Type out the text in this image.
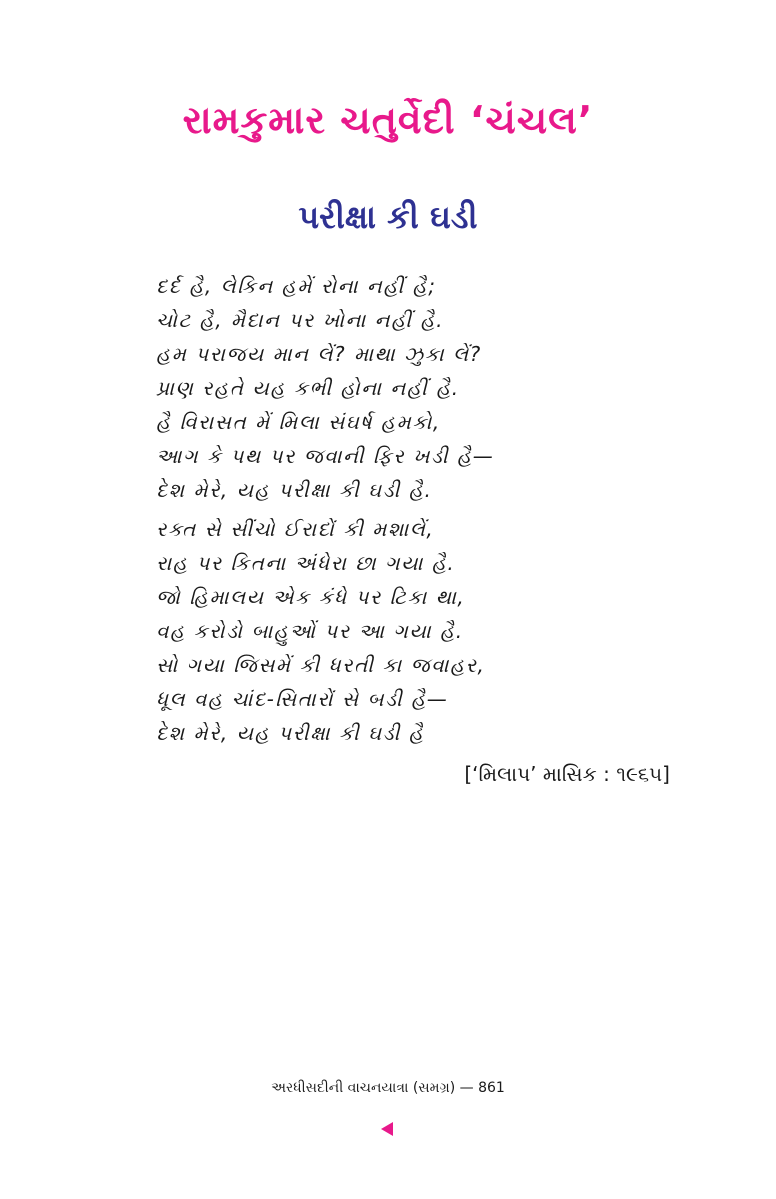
રામકુમાર ચતુર્વેદી ‘ચંચલ’
પરીક્ષા કી ઘડી
દર્દ હૈ, લેકિન હમેં રોના નહીં હૈ;
ચોટ હૈ, મૈદાન પર ખોના નહીં હૈ.
હમ પરાજય માન લેં? માથા ઝુકા લેં?
પ્રાણ રહતે યહ કભી હોના નહીં હૈ.
હૈ વિરાસત મેં મિલા સંઘર્ષ હમકો,
આગ કે પથ પર જવાની ફિર ખડી હૈ—
દેશ મેરે, યહ પરીક્ષા કી ઘડી હૈ.
રક્ત સે સીંચો ઈરાદોં કી મશાલેં,
રાહ પર કિતના અંધેરા છા ગયા હૈ.
જો હિમાલય એક કંધે પર ટિકા થા,
વહ કરોડો બાહુઓં પર આ ગયા હૈ.
સો ગયા જિસમેં કી ધરતી કા જવાહર,
ધૂલ વહ ચાંદ-સિતારોં સે બડી હૈ—
દેશ મેરે, યહ પરીક્ષા કી ઘડી હૈ
[‘મિલાપ’ માસિક : ૧૯૬૫]
અરધીસદીની વાચનયાત્રા (સમગ્ર) — 861
